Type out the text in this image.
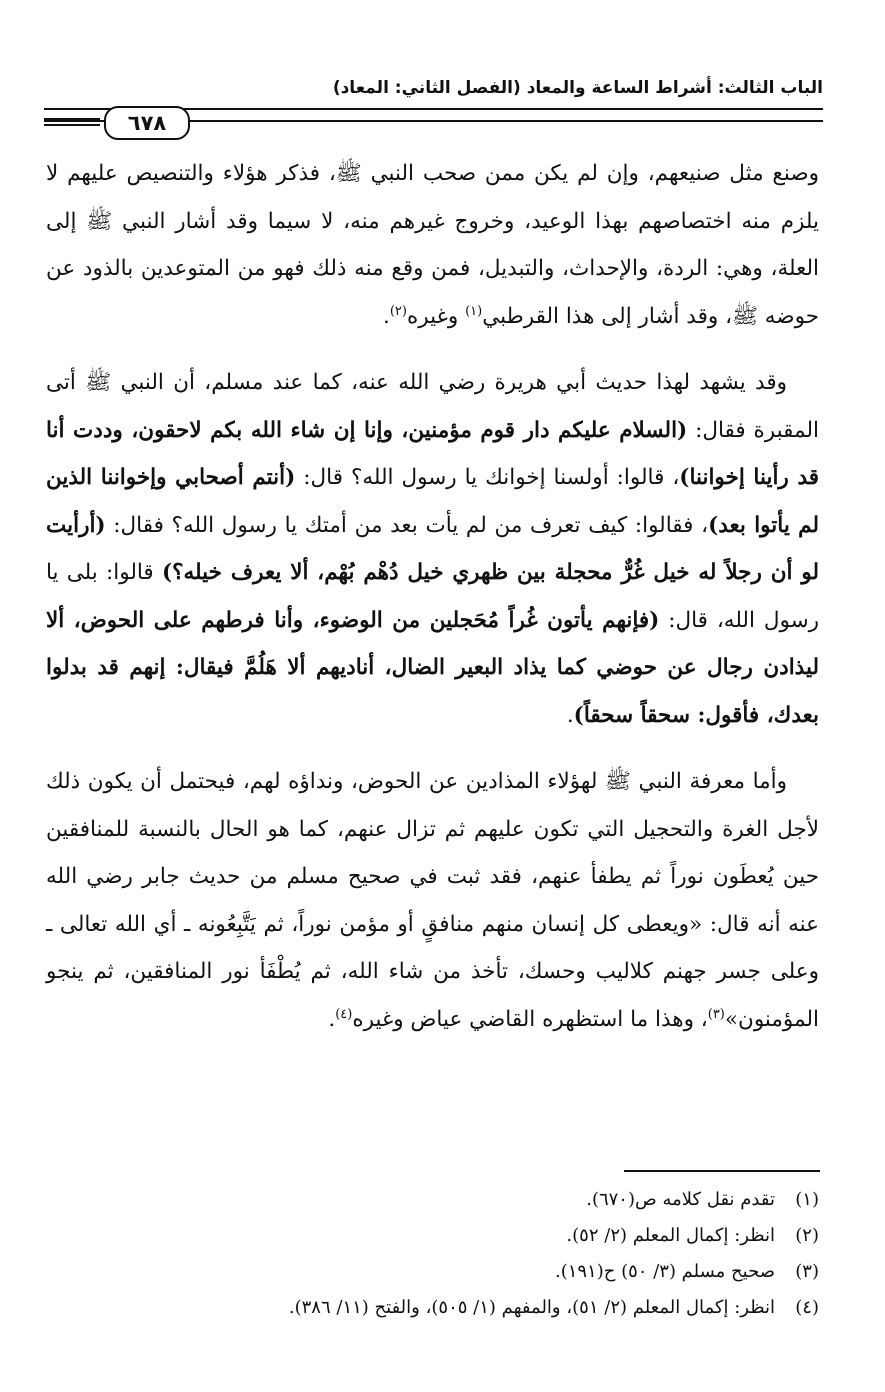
الباب الثالث: أشراط الساعة والمعاد (الفصل الثاني: المعاد)
٦٧٨

وصنع مثل صنيعهم، وإن لم يكن ممن صحب النبي ﷺ، فذكر هؤلاء والتنصيص عليهم لا يلزم منه اختصاصهم بهذا الوعيد، وخروج غيرهم منه، لا سيما وقد أشار النبي ﷺ إلى العلة، وهي: الردة، والإحداث، والتبديل، فمن وقع منه ذلك فهو من المتوعدين بالذود عن حوضه ﷺ، وقد أشار إلى هذا القرطبي$^{(١)}$ وغيره$^{(٢)}$.

وقد يشهد لهذا حديث أبي هريرة رضي الله عنه، كما عند مسلم، أن النبي ﷺ أتى المقبرة فقال: (السلام عليكم دار قوم مؤمنين، وإنا إن شاء الله بكم لاحقون، وددت أنا قد رأينا إخواننا)، قالوا: أولسنا إخوانك يا رسول الله؟ قال: (أنتم أصحابي وإخواننا الذين لم يأتوا بعد)، فقالوا: كيف تعرف من لم يأت بعد من أمتك يا رسول الله؟ فقال: (أرأيت لو أن رجلاً له خيل غُرٌّ محجلة بين ظهري خيل دُهْم بُهْم، ألا يعرف خيله؟) قالوا: بلى يا رسول الله، قال: (فإنهم يأتون غُراً مُحَجلين من الوضوء، وأنا فرطهم على الحوض، ألا ليذادن رجال عن حوضي كما يذاد البعير الضال، أناديهم ألا هَلُمَّ فيقال: إنهم قد بدلوا بعدك، فأقول: سحقاً سحقاً).

وأما معرفة النبي ﷺ لهؤلاء المذادين عن الحوض، ونداؤه لهم، فيحتمل أن يكون ذلك لأجل الغرة والتحجيل التي تكون عليهم ثم تزال عنهم، كما هو الحال بالنسبة للمنافقين حين يُعطَون نوراً ثم يطفأ عنهم، فقد ثبت في صحيح مسلم من حديث جابر رضي الله عنه أنه قال: «ويعطى كل إنسان منهم منافقٍ أو مؤمن نوراً، ثم يَتَّبِعُونه ـ أي الله تعالى ـ وعلى جسر جهنم كلاليب وحسك، تأخذ من شاء الله، ثم يُطْفَأ نور المنافقين، ثم ينجو المؤمنون»$^{(٣)}$، وهذا ما استظهره القاضي عياض وغيره$^{(٤)}$.

(١)تقدم نقل كلامه ص(٦٧٠).
(٢)انظر: إكمال المعلم (٢/ ٥٢).
(٣)صحيح مسلم (٣/ ٥٠) ح(١٩١).
(٤)انظر: إكمال المعلم (٢/ ٥١)، والمفهم (١/ ٥٠٥)، والفتح (١١/ ٣٨٦).
